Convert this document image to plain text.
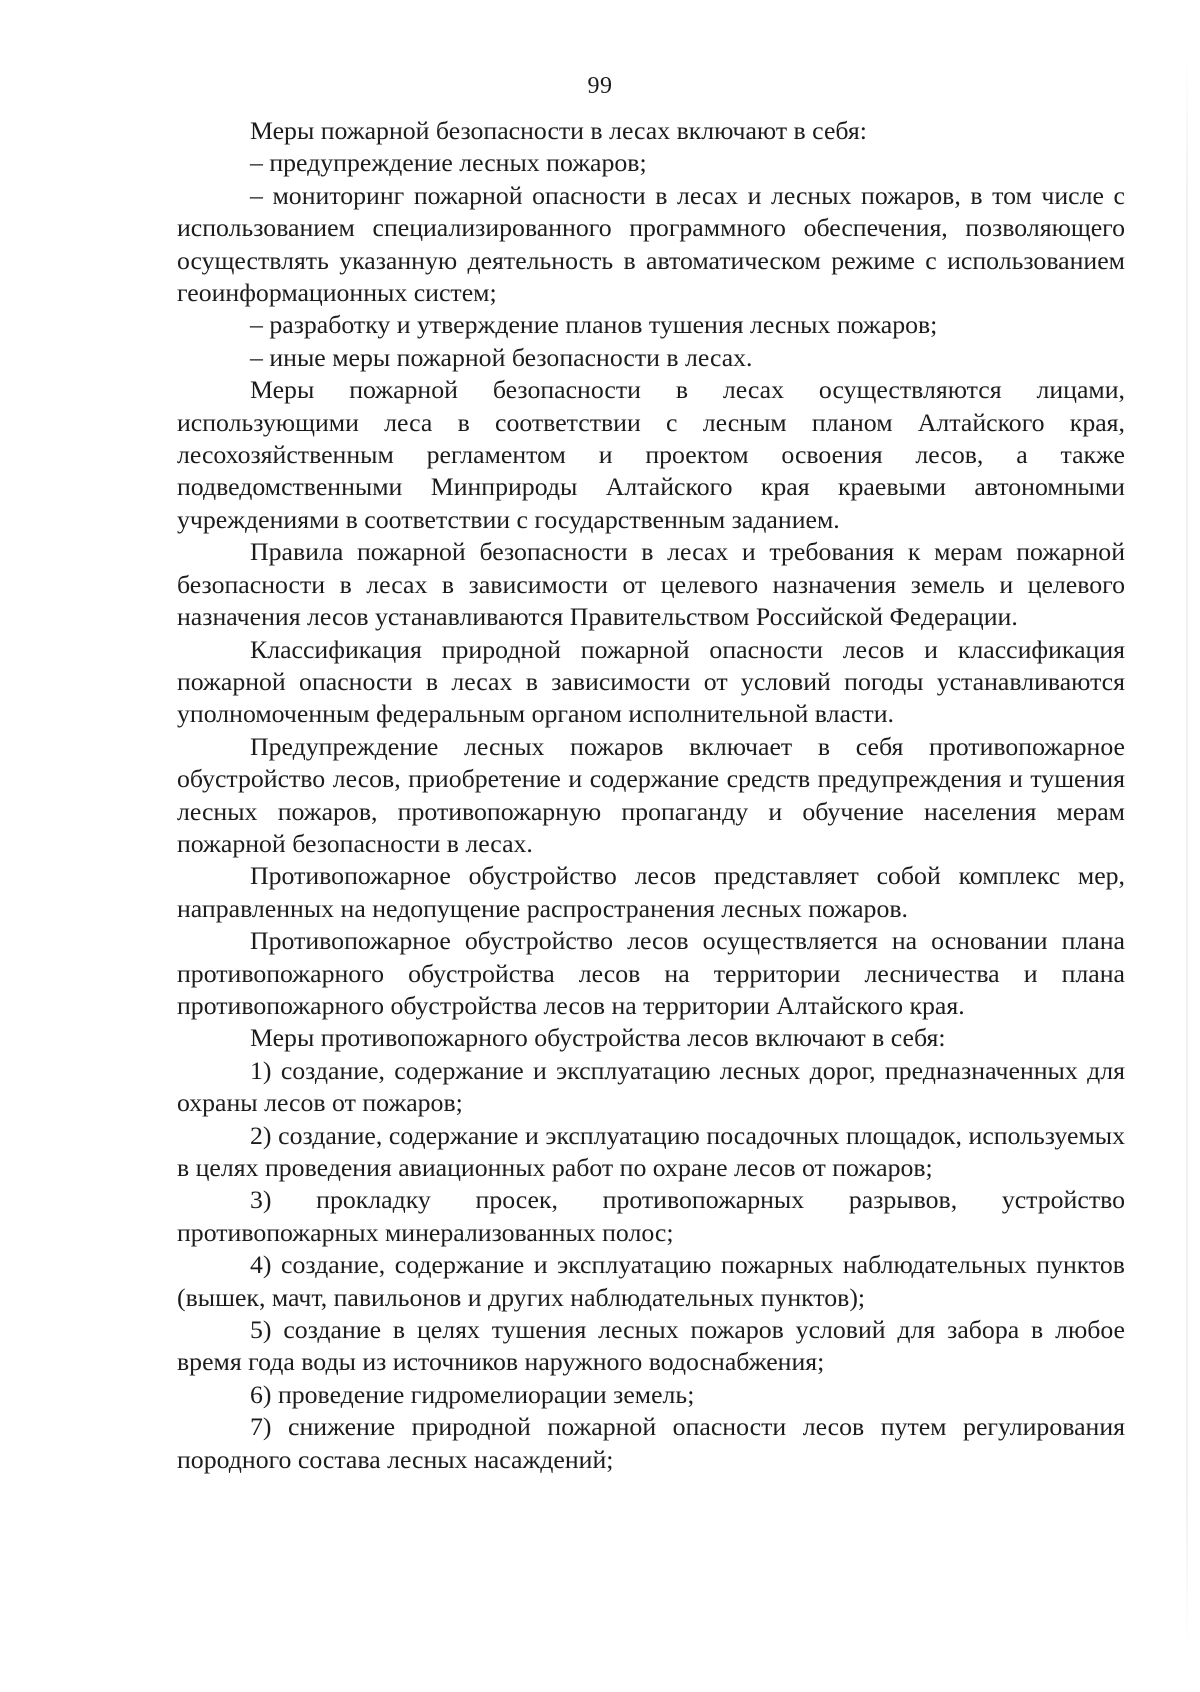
99

Меры пожарной безопасности в лесах включают в себя:

– предупреждение лесных пожаров;

– мониторинг пожарной опасности в лесах и лесных пожаров, в том числе с использованием специализированного программного обеспечения, позволяющего осуществлять указанную деятельность в автоматическом режиме с использованием геоинформационных систем;

– разработку и утверждение планов тушения лесных пожаров;

– иные меры пожарной безопасности в лесах.

Меры пожарной безопасности в лесах осуществляются лицами, использующими леса в соответствии с лесным планом Алтайского края, лесохозяйственным регламентом и проектом освоения лесов, а также подведомственными Минприроды Алтайского края краевыми автономными учреждениями в соответствии с государственным заданием.

Правила пожарной безопасности в лесах и требования к мерам пожарной безопасности в лесах в зависимости от целевого назначения земель и целевого назначения лесов устанавливаются Правительством Российской Федерации.

Классификация природной пожарной опасности лесов и классификация пожарной опасности в лесах в зависимости от условий погоды устанавливаются уполномоченным федеральным органом исполнительной власти.

Предупреждение лесных пожаров включает в себя противопожарное обустройство лесов, приобретение и содержание средств предупреждения и тушения лесных пожаров, противопожарную пропаганду и обучение населения мерам пожарной безопасности в лесах.

Противопожарное обустройство лесов представляет собой комплекс мер, направленных на недопущение распространения лесных пожаров.

Противопожарное обустройство лесов осуществляется на основании плана противопожарного обустройства лесов на территории лесничества и плана противопожарного обустройства лесов на территории Алтайского края.

Меры противопожарного обустройства лесов включают в себя:

1) создание, содержание и эксплуатацию лесных дорог, предназначенных для охраны лесов от пожаров;

2) создание, содержание и эксплуатацию посадочных площадок, используемых в целях проведения авиационных работ по охране лесов от пожаров;

3) прокладку просек, противопожарных разрывов, устройство противопожарных минерализованных полос;

4) создание, содержание и эксплуатацию пожарных наблюдательных пунктов (вышек, мачт, павильонов и других наблюдательных пунктов);

5) создание в целях тушения лесных пожаров условий для забора в любое время года воды из источников наружного водоснабжения;

6) проведение гидромелиорации земель;

7) снижение природной пожарной опасности лесов путем регулирования породного состава лесных насаждений;
